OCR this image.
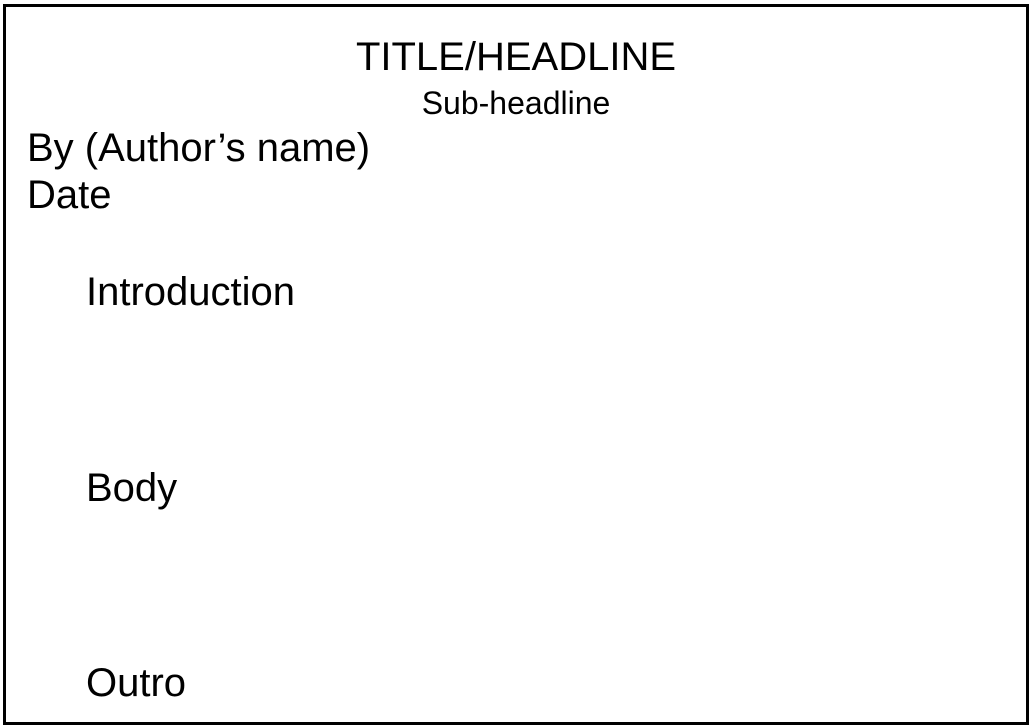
TITLE/HEADLINE
Sub-headline
By (Author’s name)
Date
Introduction
Body
Outro
